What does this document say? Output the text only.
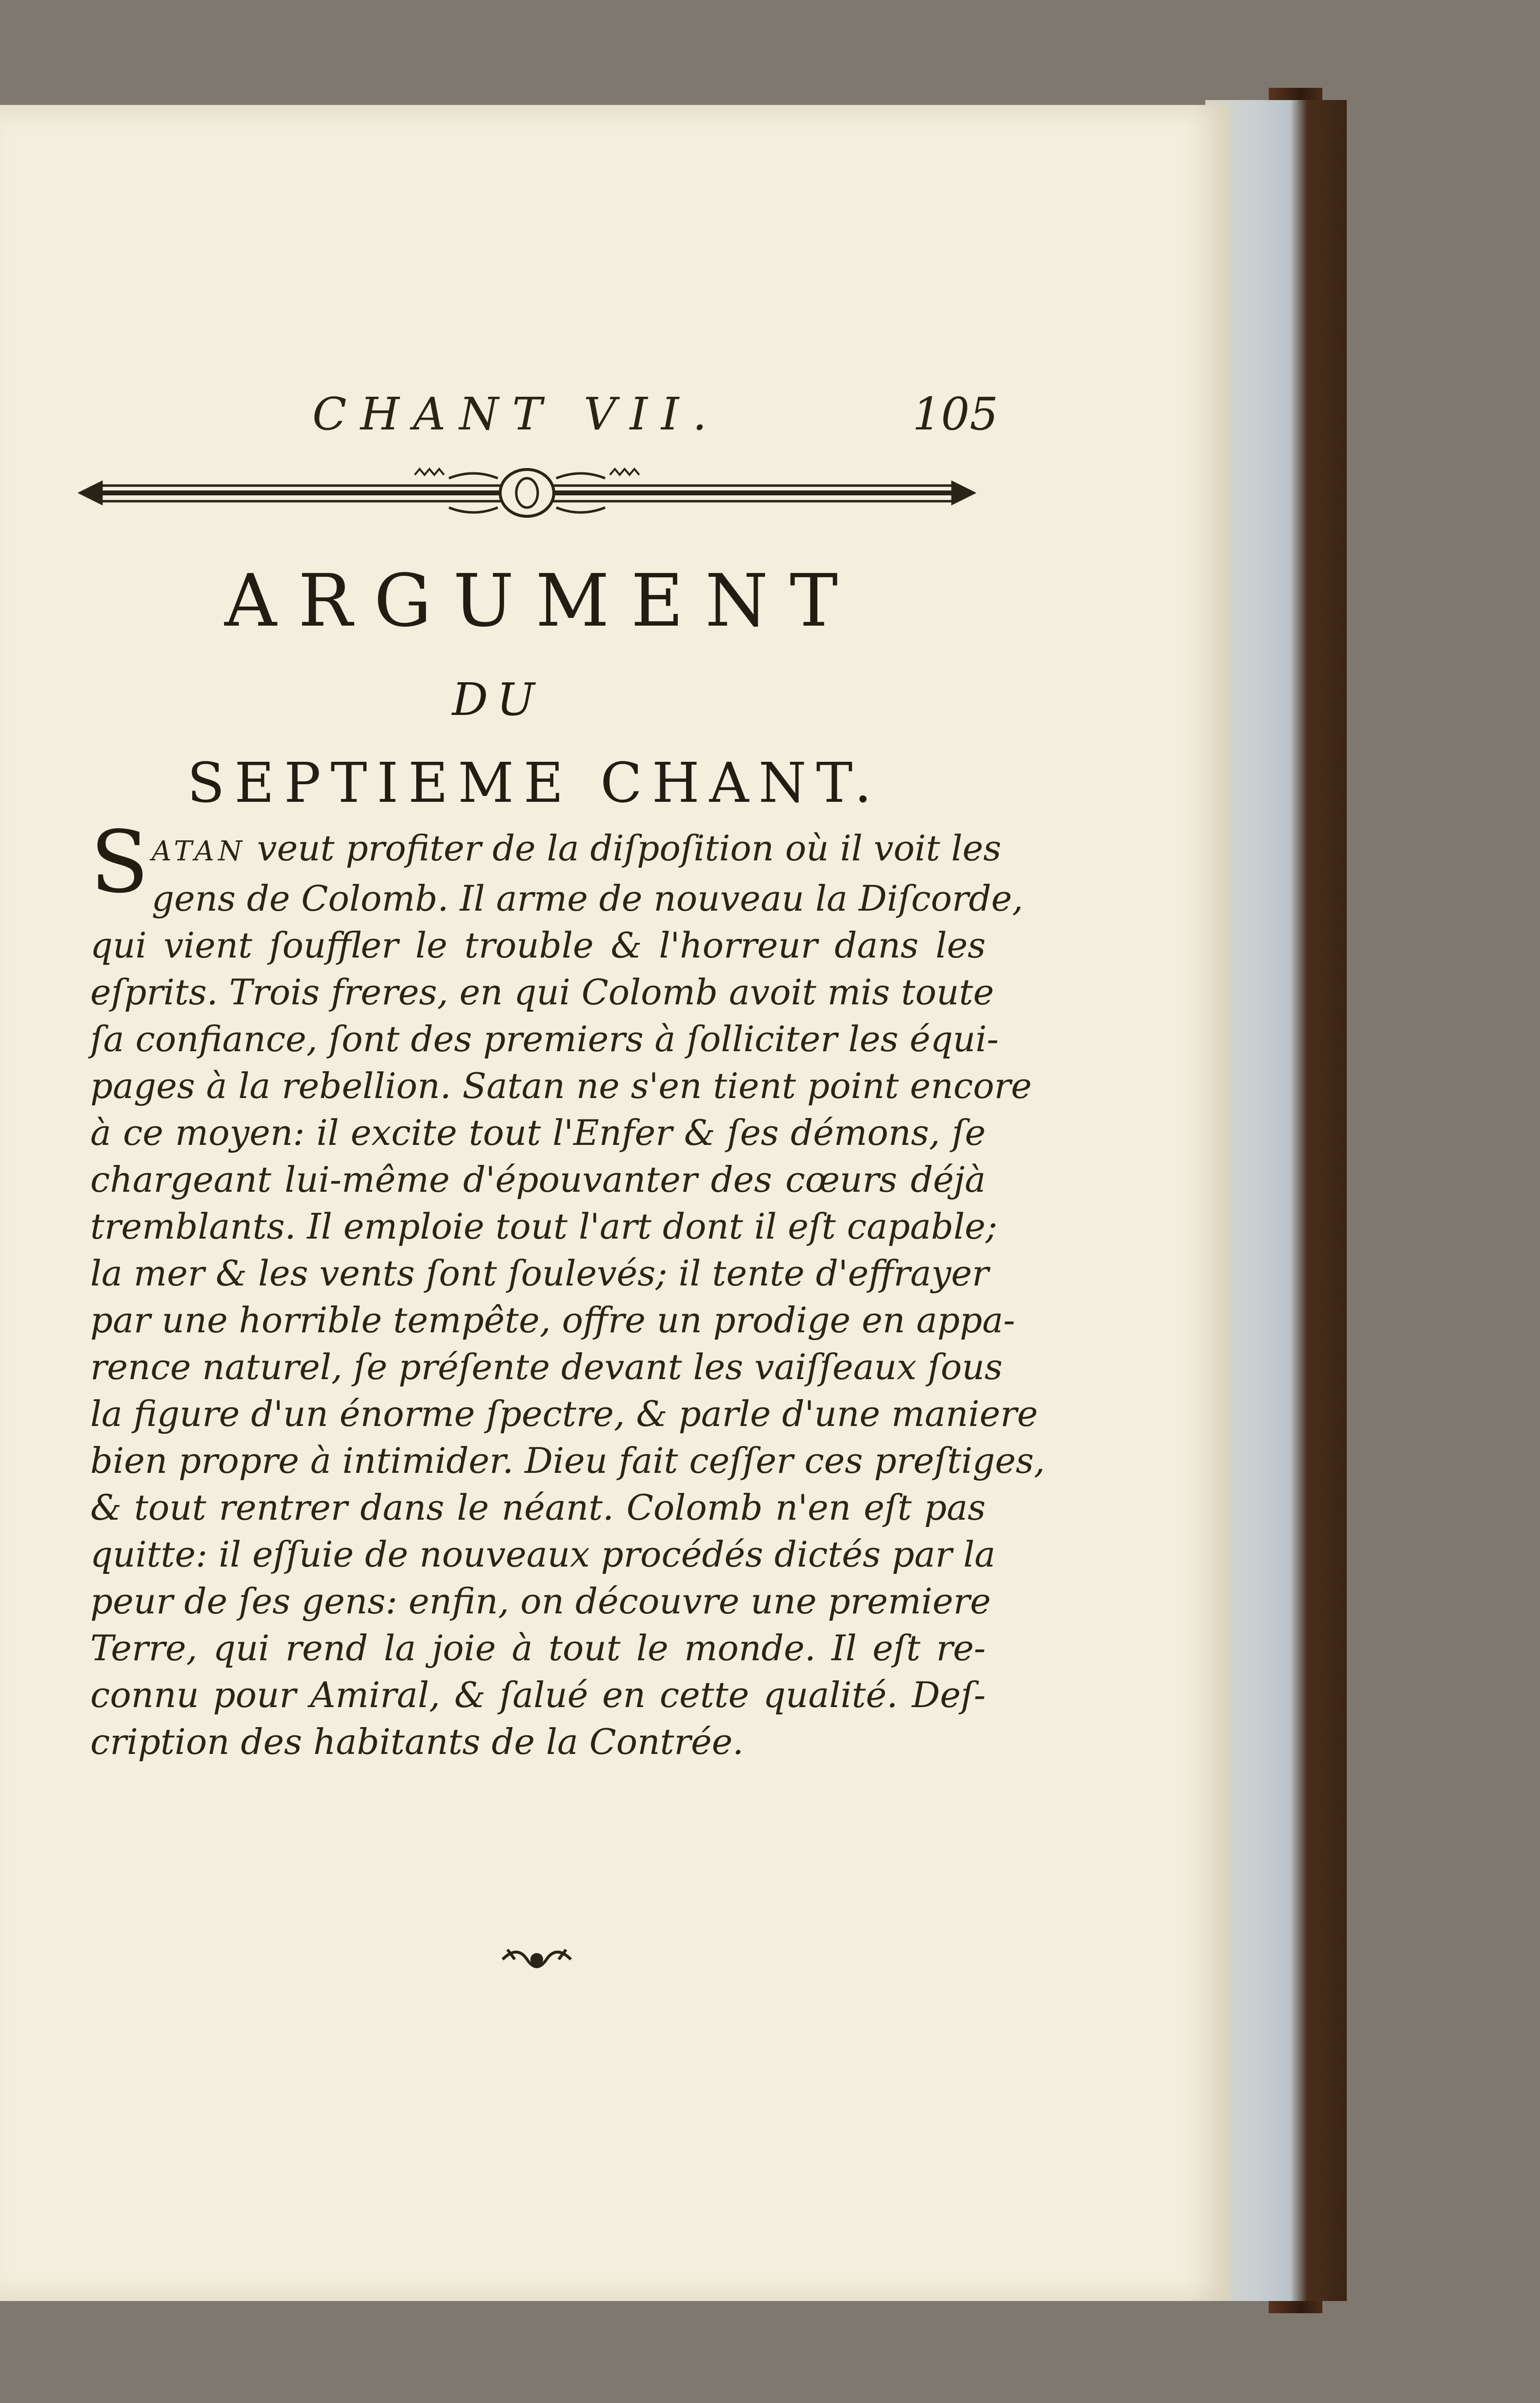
CHANT VII.	105
ARGUMENT
DU
SEPTIEME CHANT.
S ATAN veut profiter de la diſpoſition où il voit les
gens de Colomb. Il arme de nouveau la Diſcorde,
qui vient ſouffler le trouble & l'horreur dans les
eſprits. Trois freres, en qui Colomb avoit mis toute
ſa confiance, ſont des premiers à ſolliciter les équi-
pages à la rebellion. Satan ne s'en tient point encore
à ce moyen: il excite tout l'Enfer & ſes démons, ſe
chargeant lui-même d'épouvanter des cœurs déjà
tremblants. Il emploie tout l'art dont il eſt capable;
la mer & les vents ſont ſoulevés; il tente d'effrayer
par une horrible tempête, offre un prodige en appa-
rence naturel, ſe préſente devant les vaiſſeaux ſous
la figure d'un énorme ſpectre, & parle d'une maniere
bien propre à intimider. Dieu fait ceſſer ces preſtiges,
& tout rentrer dans le néant. Colomb n'en eſt pas
quitte: il eſſuie de nouveaux procédés dictés par la
peur de ſes gens: enfin, on découvre une premiere
Terre, qui rend la joie à tout le monde. Il eſt re-
connu pour Amiral, & ſalué en cette qualité. Deſ-
cription des habitants de la Contrée.
